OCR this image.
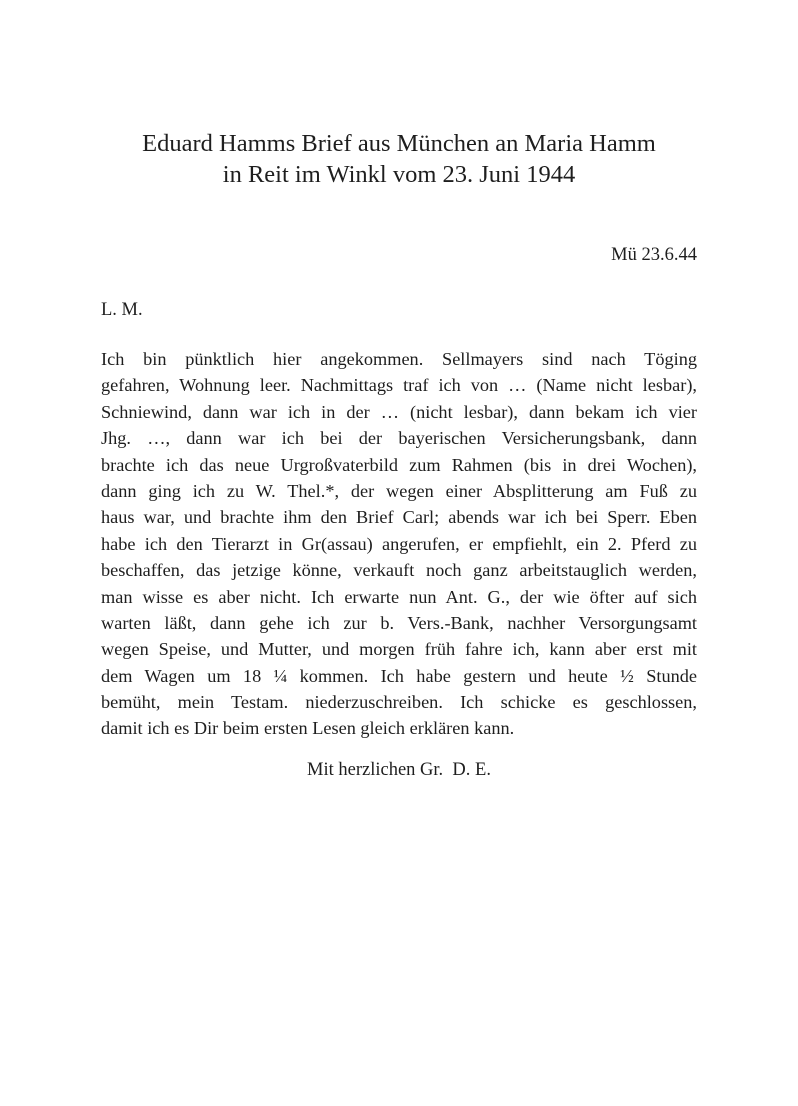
Eduard Hamms Brief aus München an Maria Hamm
in Reit im Winkl vom 23. Juni 1944
Mü 23.6.44
L. M.
Ich bin pünktlich hier angekommen. Sellmayers sind nach Töging
gefahren, Wohnung leer. Nachmittags traf ich von … (Name nicht lesbar),
Schniewind, dann war ich in der … (nicht lesbar), dann bekam ich vier
Jhg. …, dann war ich bei der bayerischen Versicherungsbank, dann
brachte ich das neue Urgroßvaterbild zum Rahmen (bis in drei Wochen),
dann ging ich zu W. Thel.*, der wegen einer Absplitterung am Fuß zu
haus war, und brachte ihm den Brief Carl; abends war ich bei Sperr. Eben
habe ich den Tierarzt in Gr(assau) angerufen, er empfiehlt, ein 2. Pferd zu
beschaffen, das jetzige könne, verkauft noch ganz arbeitstauglich werden,
man wisse es aber nicht. Ich erwarte nun Ant. G., der wie öfter auf sich
warten läßt, dann gehe ich zur b. Vers.-Bank, nachher Versorgungsamt
wegen Speise, und Mutter, und morgen früh fahre ich, kann aber erst mit
dem Wagen um 18 ¼ kommen. Ich habe gestern und heute ½ Stunde
bemüht, mein Testam. niederzuschreiben. Ich schicke es geschlossen,
damit ich es Dir beim ersten Lesen gleich erklären kann.
Mit herzlichen Gr.  D. E.
